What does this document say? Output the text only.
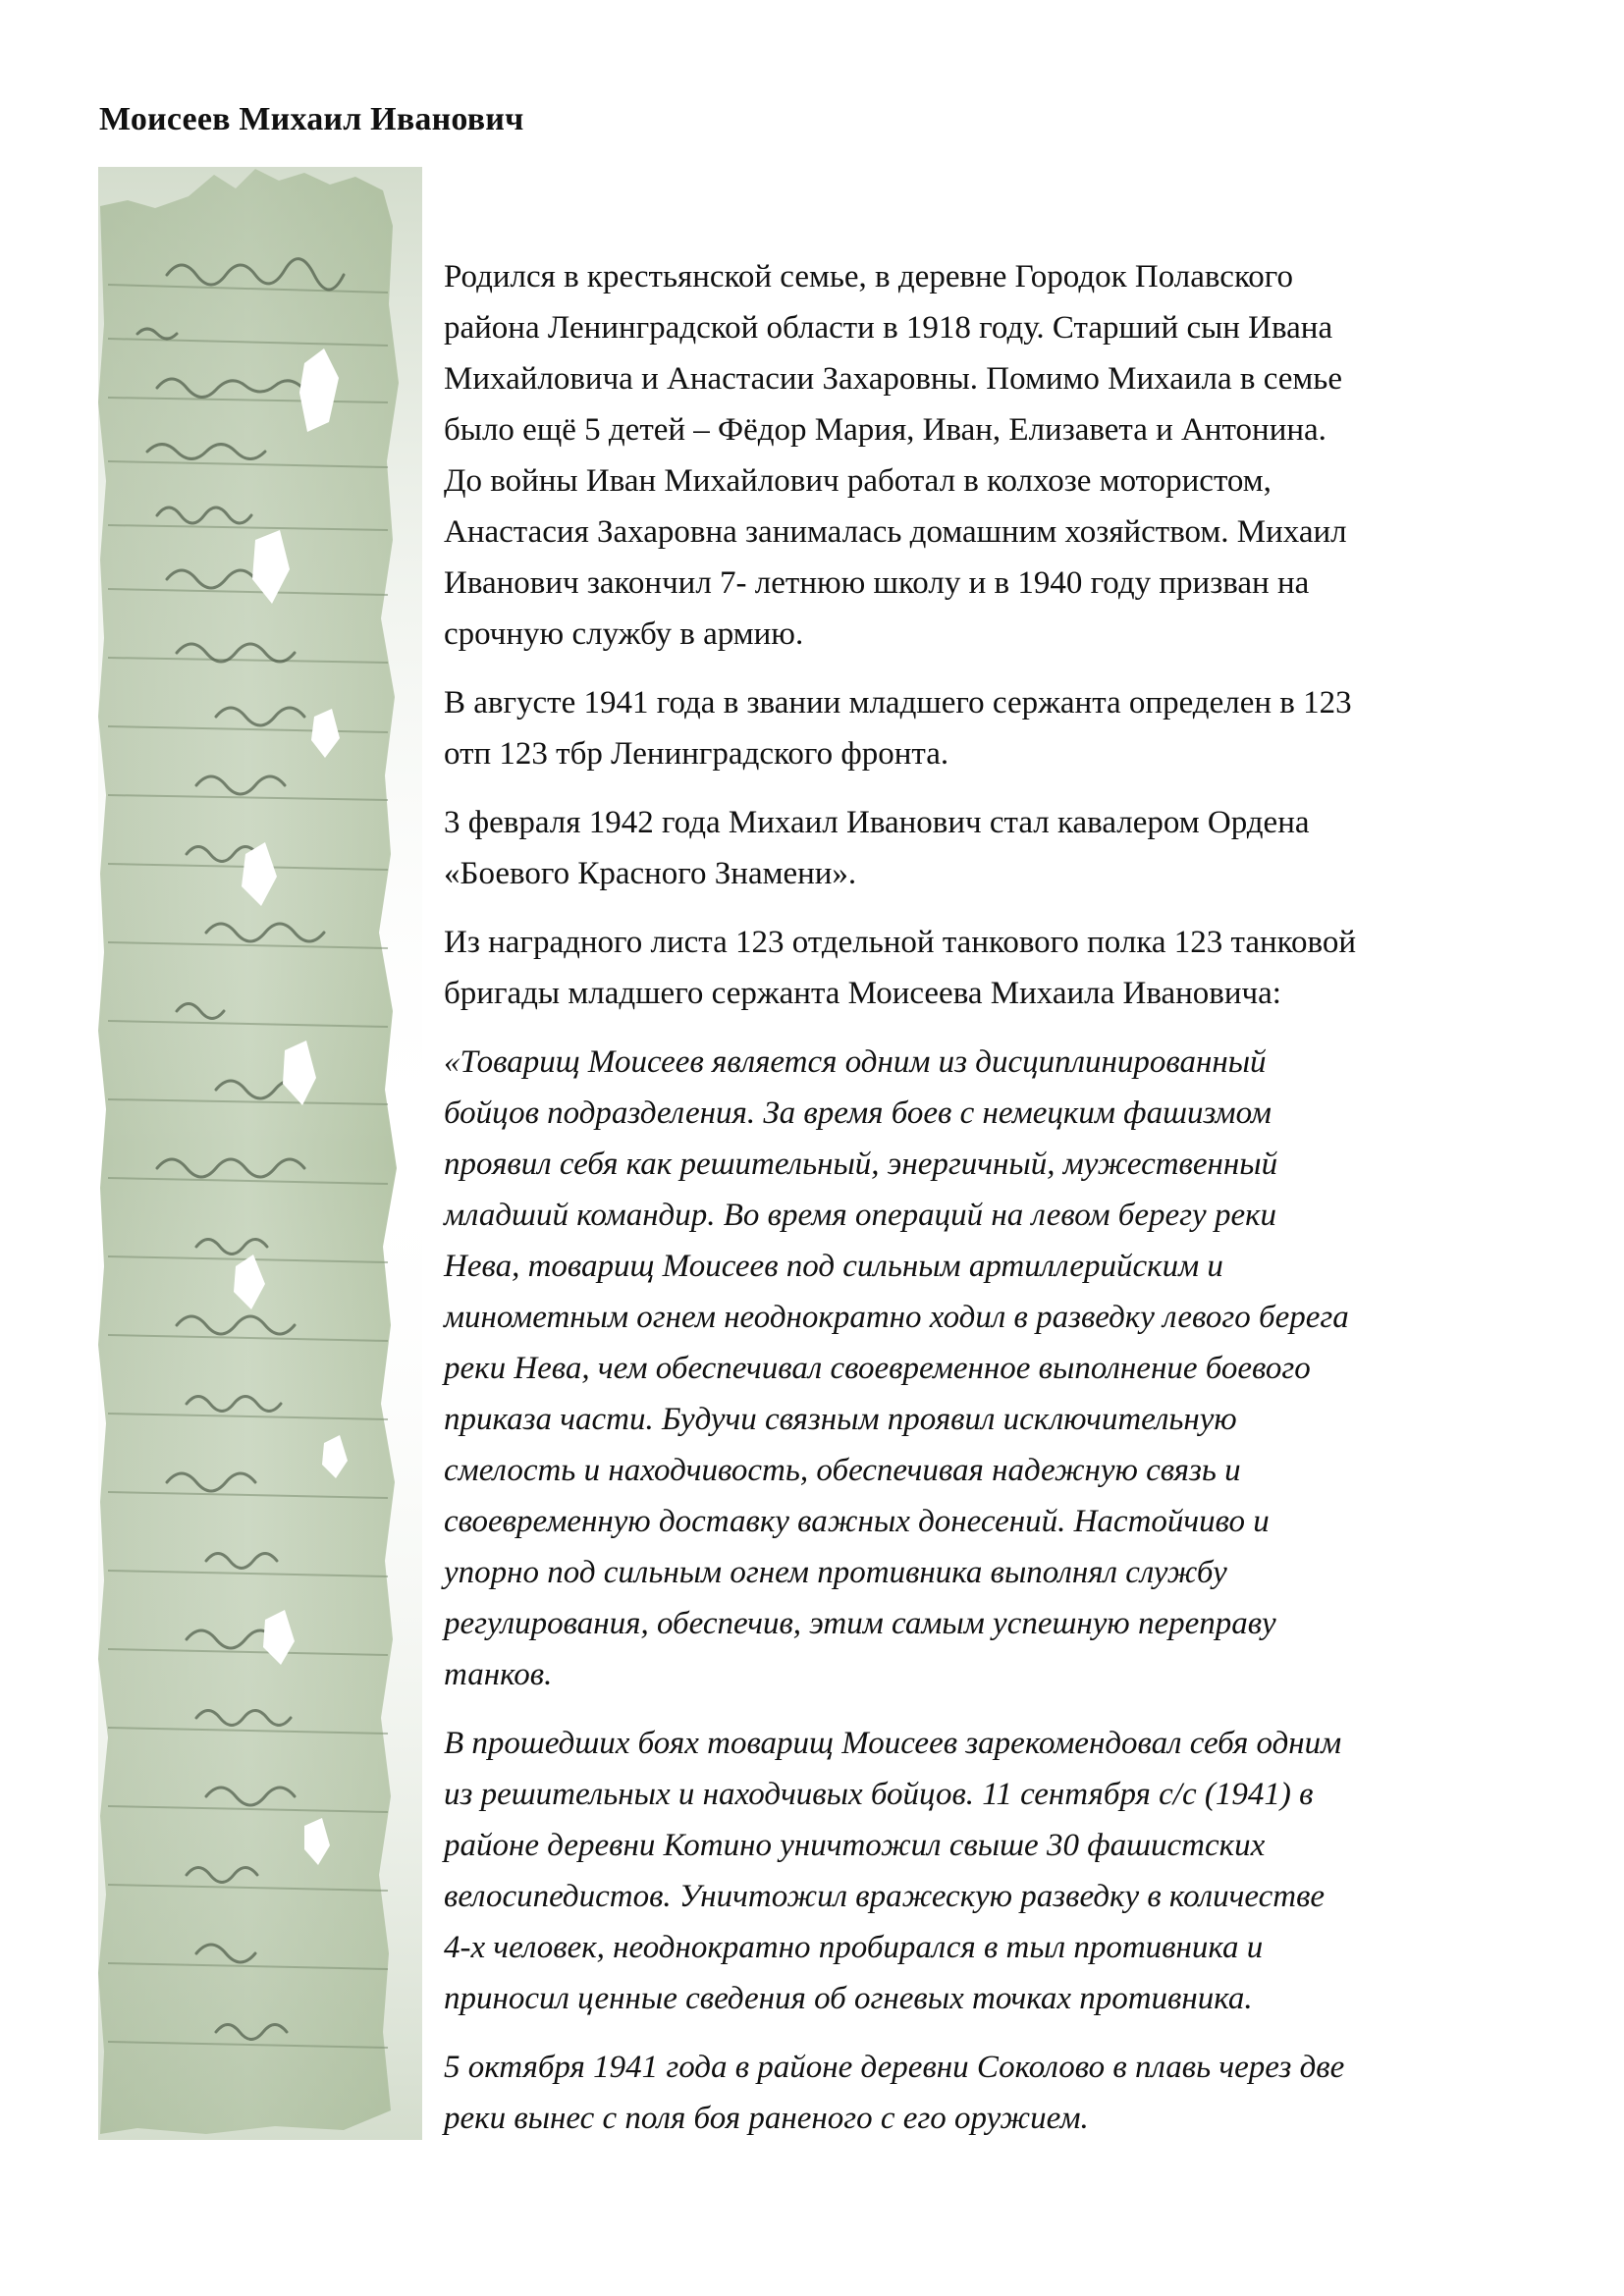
Моисеев Михаил Иванович

Родился в крестьянской семье, в деревне Городок Полавского
района Ленинградской области в 1918 году. Старший сын Ивана
Михайловича и Анастасии Захаровны. Помимо Михаила в семье
было ещё 5 детей – Фёдор Мария, Иван, Елизавета и Антонина.
До войны Иван Михайлович работал в колхозе мотористом,
Анастасия Захаровна занималась домашним хозяйством. Михаил
Иванович закончил 7- летнюю школу и в 1940 году призван на
срочную службу в армию.

В августе 1941 года в звании младшего сержанта определен в 123
отп 123 тбр Ленинградского фронта.

3 февраля 1942 года Михаил Иванович стал кавалером Ордена
«Боевого Красного Знамени».

Из наградного листа 123 отдельной танкового полка 123 танковой
бригады младшего сержанта Моисеева Михаила Ивановича:

«Товарищ Моисеев является одним из дисциплинированный
бойцов подразделения. За время боев с немецким фашизмом
проявил себя как решительный, энергичный, мужественный
младший командир. Во время операций на левом берегу реки
Нева, товарищ Моисеев под сильным артиллерийским и
минометным огнем неоднократно ходил в разведку левого берега
реки Нева, чем обеспечивал своевременное выполнение боевого
приказа части. Будучи связным проявил исключительную
смелость и находчивость, обеспечивая надежную связь и
своевременную доставку важных донесений. Настойчиво и
упорно под сильным огнем противника выполнял службу
регулирования, обеспечив, этим самым успешную переправу
танков.

В прошедших боях товарищ Моисеев зарекомендовал себя одним
из решительных и находчивых бойцов. 11 сентября с/с (1941) в
районе деревни Котино уничтожил свыше 30 фашистских
велосипедистов. Уничтожил вражескую разведку в количестве
4-х человек, неоднократно пробирался в тыл противника и
приносил ценные сведения об огневых точках противника.

5 октября 1941 года в районе деревни Соколово в плавь через две
реки вынес с поля боя раненого с его оружием.
